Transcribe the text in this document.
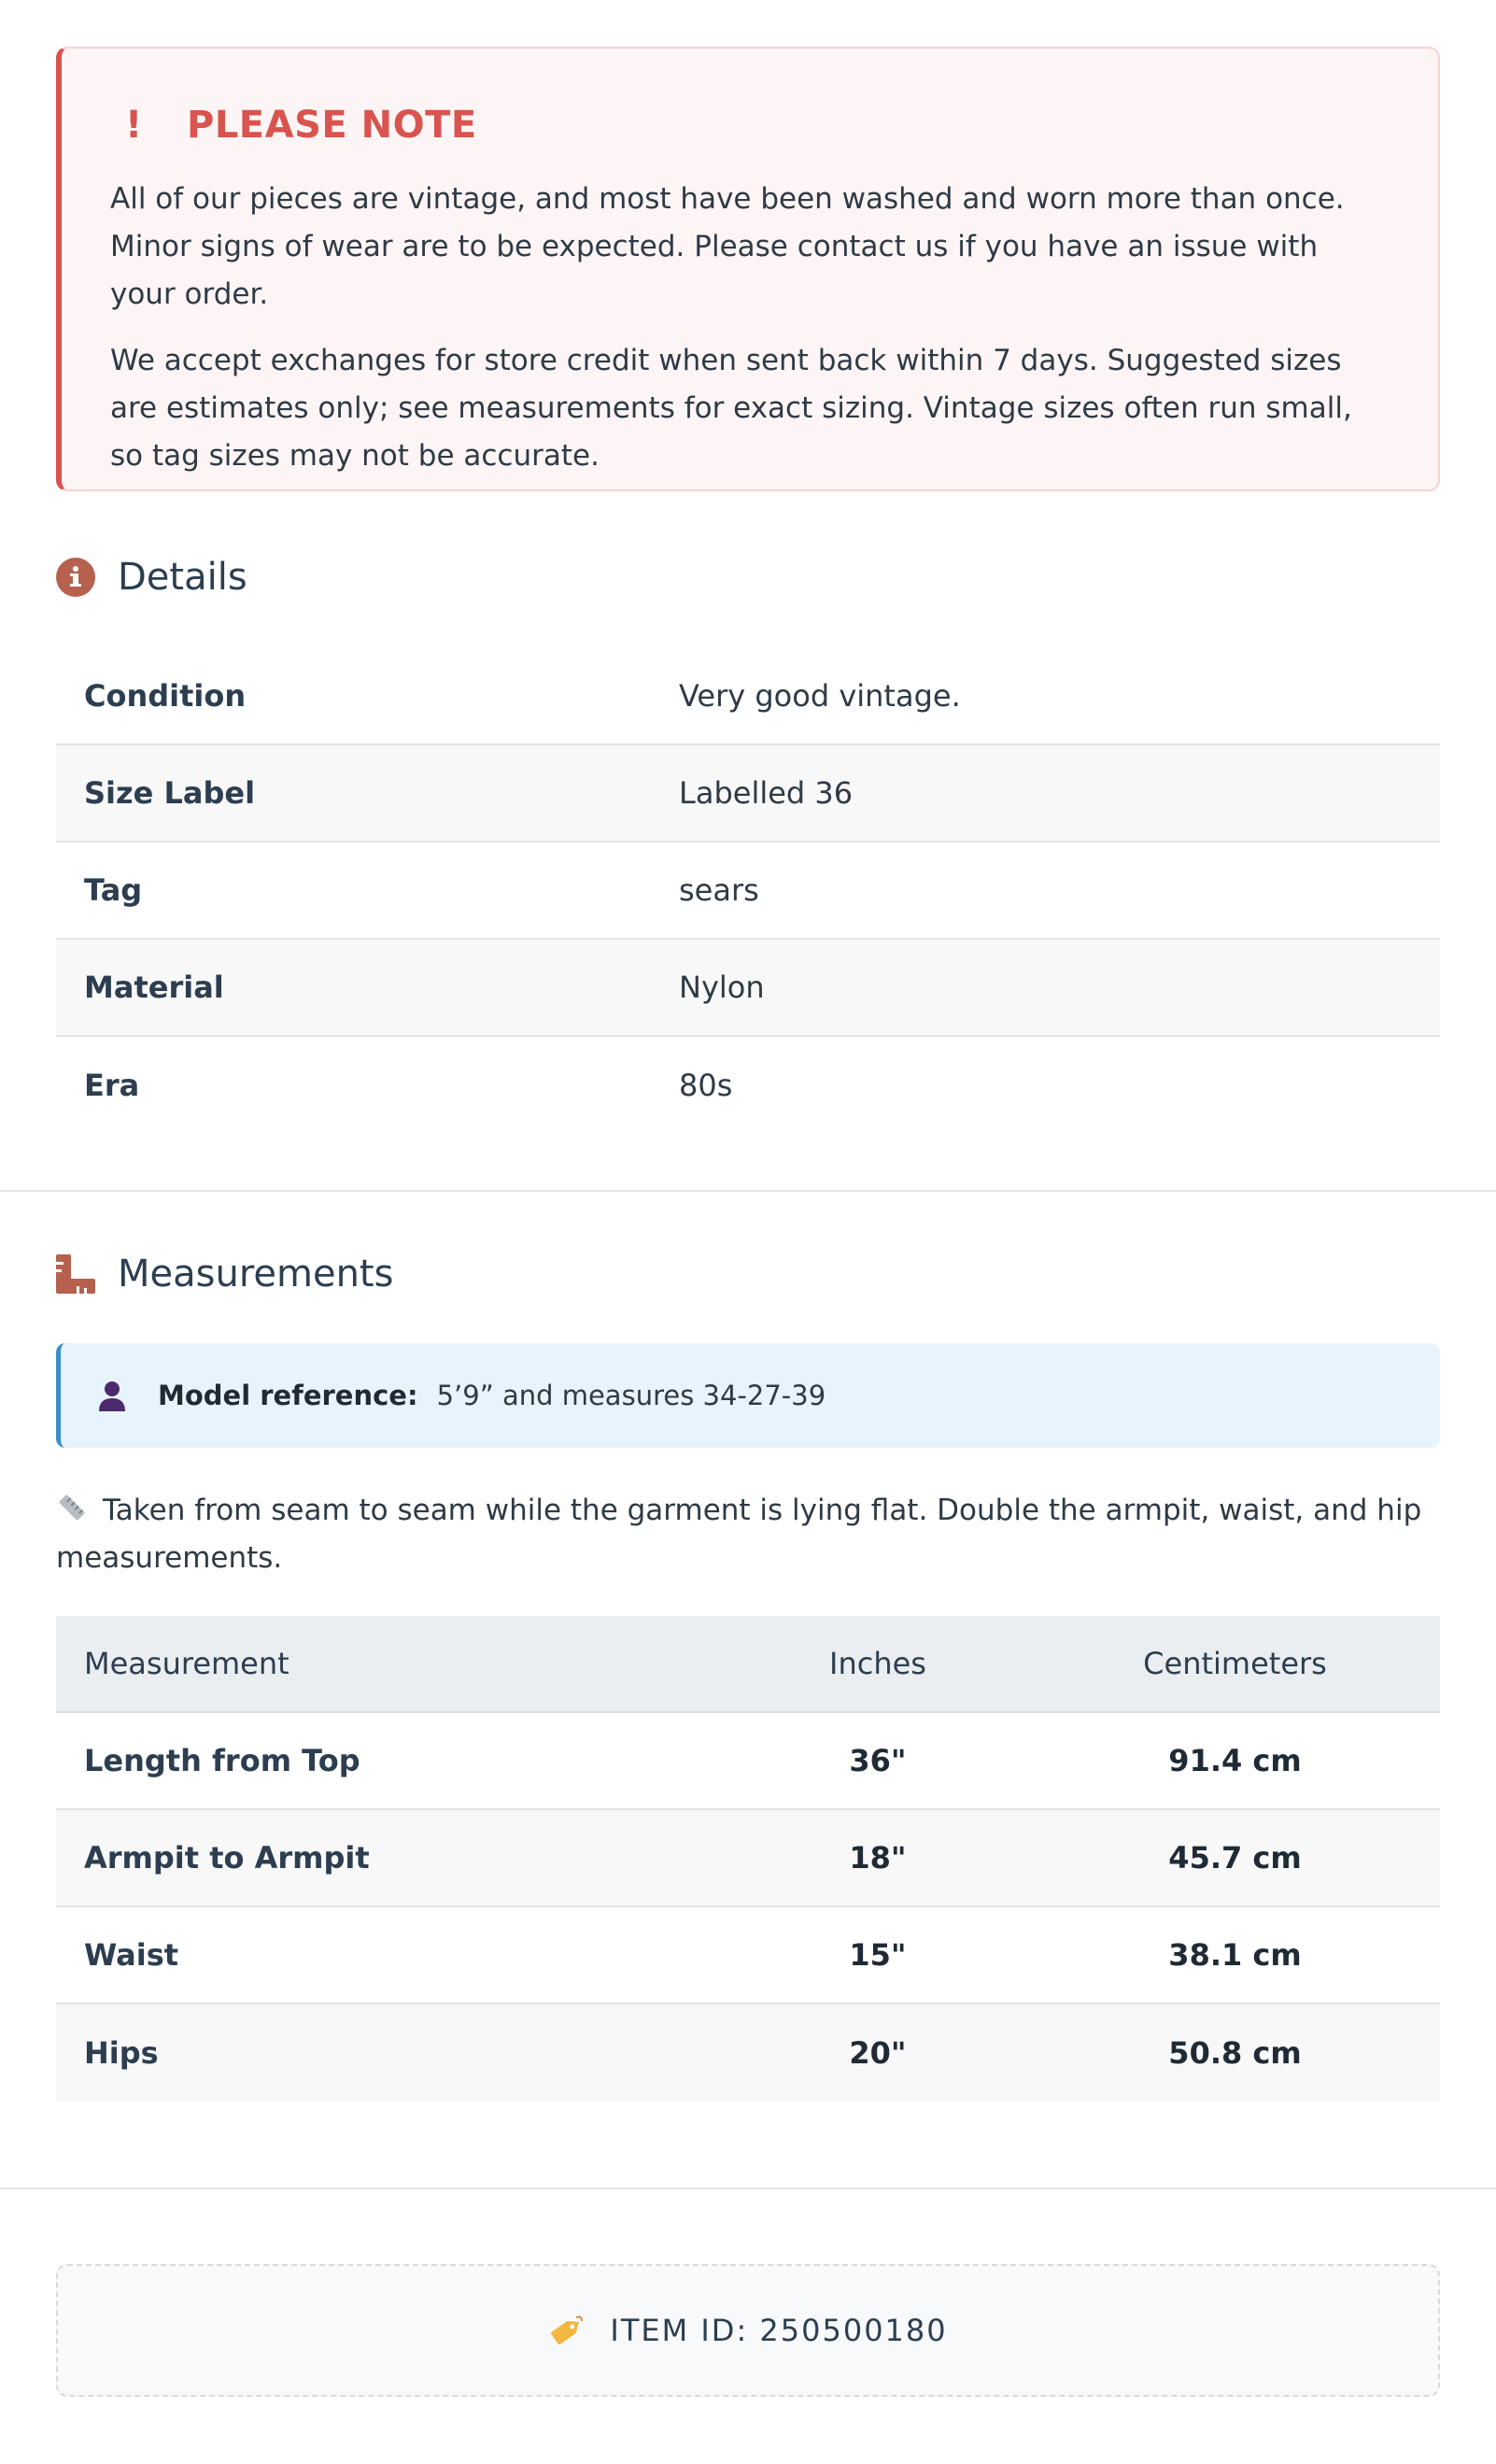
!	PLEASE NOTE

All of our pieces are vintage, and most have been washed and worn more than once. Minor signs of wear are to be expected. Please contact us if you have an issue with your order.

We accept exchanges for store credit when sent back within 7 days. Suggested sizes are estimates only; see measurements for exact sizing. Vintage sizes often run small, so tag sizes may not be accurate.

Details
Condition	Very good vintage.
Size Label	Labelled 36
Tag	sears
Material	Nylon
Era	80s
Measurements
Model reference: 5’9” and measures 34-27-39
Taken from seam to seam while the garment is lying flat. Double the armpit, waist, and hip measurements.
Measurement	Inches	Centimeters
Length from Top	36"	91.4 cm
Armpit to Armpit	18"	45.7 cm
Waist	15"	38.1 cm
Hips	20"	50.8 cm
ITEM ID: 250500180
